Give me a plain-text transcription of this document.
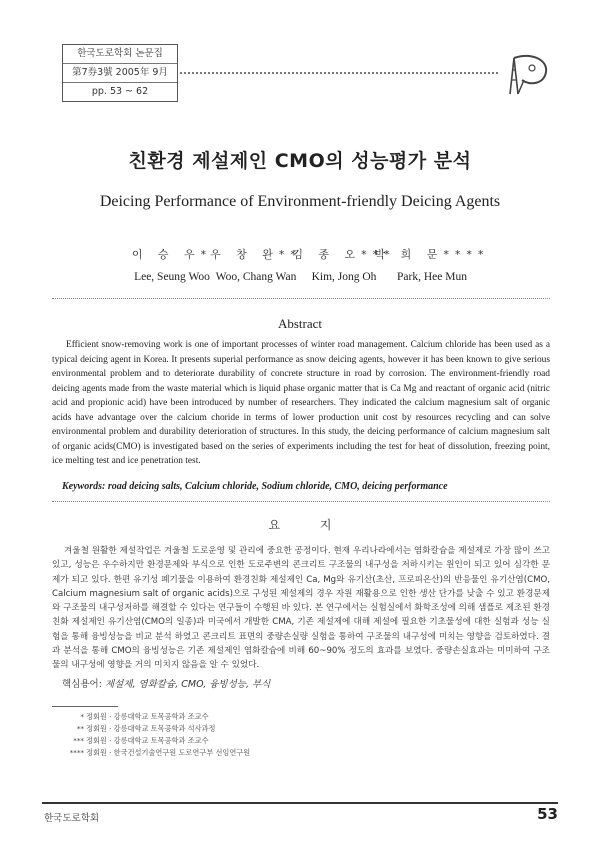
한국도로학회 논문집
第7券3號 2005年 9月
pp. 53 ~ 62
친환경 제설제인 CMO의 성능평가 분석
Deicing Performance of Environment-friendly Deicing Agents
이 승 우*
Lee, Seung Woo
우 창 완**
Woo, Chang Wan
김 종 오***
Kim, Jong Oh
박 희 문****
Park, Hee Mun
Abstract

Efficient snow-removing work is one of important processes of winter road management. Calcium chloride has been used as a typical deicing agent in Korea. It presents superial performance as snow deicing agents, however it has been known to give serious environmental problem and to deteriorate durability of concrete structure in road by corrosion. The environment-friendly road deicing agents made from the waste material which is liquid phase organic matter that is Ca Mg and reactant of organic acid (nitric acid and propionic acid) have been introduced by number of researchers. They indicated the calcium magnesium salt of organic acids have advantage over the calcium choride in terms of lower production unit cost by resources recycling and can solve environmental problem and durability deterioration of structures. In this study, the deicing performance of calcium magnesium salt of organic acids(CMO) is investigated based on the series of experiments including the test for heat of dissolution, freezing point, ice melting test and ice penetration test.

Keywords: road deicing salts, Calcium chloride, Sodium chloride, CMO, deicing performance
요 지

겨울철 원활한 제설작업은 겨울철 도로운영 및 관리에 중요한 공정이다. 현재 우리나라에서는 염화칼슘을 제설제로 가장 많이 쓰고 있고, 성능은 우수하지만 환경문제와 부식으로 인한 도로주변의 콘크리트 구조물의 내구성을 저하시키는 원인이 되고 있어 심각한 문제가 되고 있다. 한편 유기성 폐기물을 이용하여 환경친화 제설제인 Ca, Mg와 유기산(초산, 프로피온산)의 반응물인 유기산염(CMO, Calcium magnesium salt of organic acids)으로 구성된 제설제의 경우 자원 재활용으로 인한 생산 단가를 낮출 수 있고 환경문제와 구조물의 내구성저하를 해결할 수 있다는 연구들이 수행된 바 있다. 본 연구에서는 실험실에서 화학조성에 의해 샘플로 제조된 환경친화 제설제인 유기산염(CMO의 일종)과 미국에서 개발한 CMA, 기존 제설제에 대해 제설에 필요한 기초물성에 대한 실험과 성능 실험을 통해 융빙성능을 비교 분석 하였고 콘크리트 표면의 중량손실량 실험을 통하여 구조물의 내구성에 미치는 영향을 검토하였다. 결과 분석을 통해 CMO의 융빙성능은 기존 제설제인 염화칼슘에 비해 60~90% 정도의 효과를 보였다. 중량손실효과는 미미하여 구조물의 내구성에 영향을 거의 미치지 않음을 알 수 있었다.

핵심용어: 제설제, 염화칼슘, CMO, 융빙성능, 부식
* 정회원 · 강릉대학교 토목공학과 조교수
** 정회원 · 강릉대학교 토목공학과 석사과정
*** 정회원 · 강릉대학교 토목공학과 조교수
**** 정회원 · 한국건설기술연구원 도로연구부 선임연구원
한국도로학회	53
